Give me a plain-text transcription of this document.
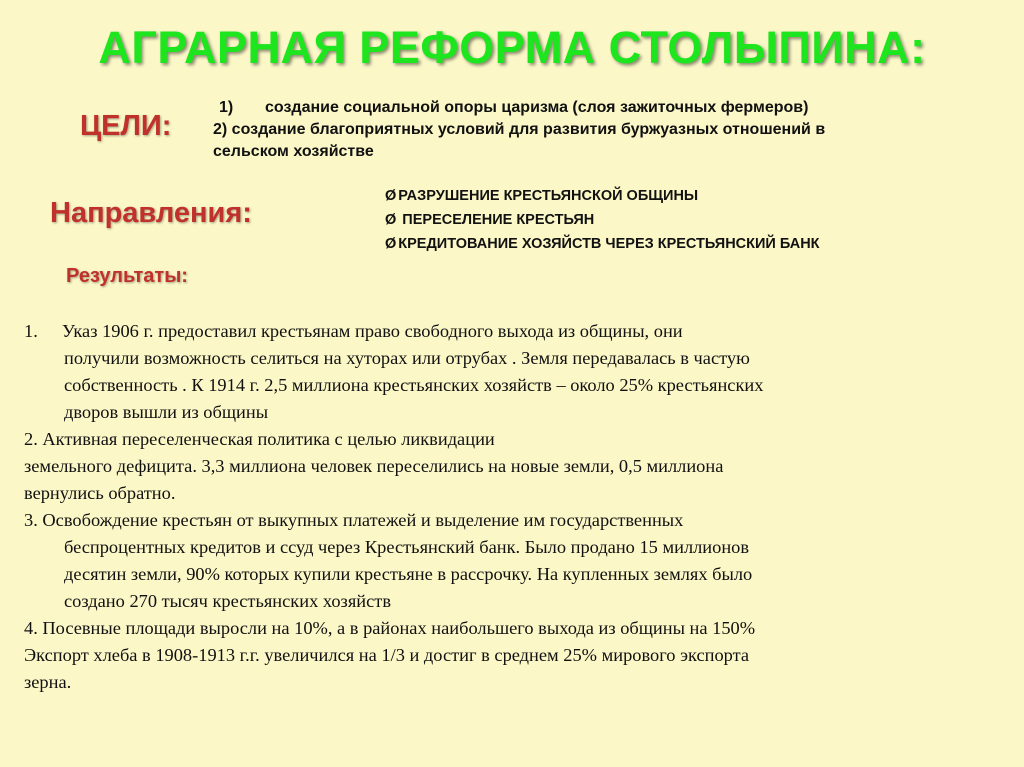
АГРАРНАЯ РЕФОРМА СТОЛЫПИНА:
ЦЕЛИ:
1) создание социальной опоры царизма (слоя зажиточных фермеров)
2) создание благоприятных условий для развития буржуазных отношений в
сельском хозяйстве
Направления:
Ø РАЗРУШЕНИЕ КРЕСТЬЯНСКОЙ ОБЩИНЫ
Ø ПЕРЕСЕЛЕНИЕ КРЕСТЬЯН
Ø КРЕДИТОВАНИЕ ХОЗЯЙСТВ ЧЕРЕЗ КРЕСТЬЯНСКИЙ БАНК
Результаты:

1. Указ 1906 г. предоставил крестьянам право свободного выхода из общины, они

получили возможность селиться на хуторах или отрубах . Земля передавалась в частую

собственность . К 1914 г. 2,5 миллиона крестьянских хозяйств – около 25% крестьянских

дворов вышли из общины

2. Активная переселенческая политика с целью ликвидации

земельного дефицита. 3,3 миллиона человек переселились на новые земли, 0,5 миллиона

вернулись обратно.

3. Освобождение крестьян от выкупных платежей и выделение им государственных

беспроцентных кредитов и ссуд через Крестьянский банк. Было продано 15 миллионов

десятин земли, 90% которых купили крестьяне в рассрочку. На купленных землях было

создано 270 тысяч крестьянских хозяйств

4. Посевные площади выросли на 10%, а в районах наибольшего выхода из общины на 150%

Экспорт хлеба в 1908-1913 г.г. увеличился на 1/3 и достиг в среднем 25% мирового экспорта

зерна.
